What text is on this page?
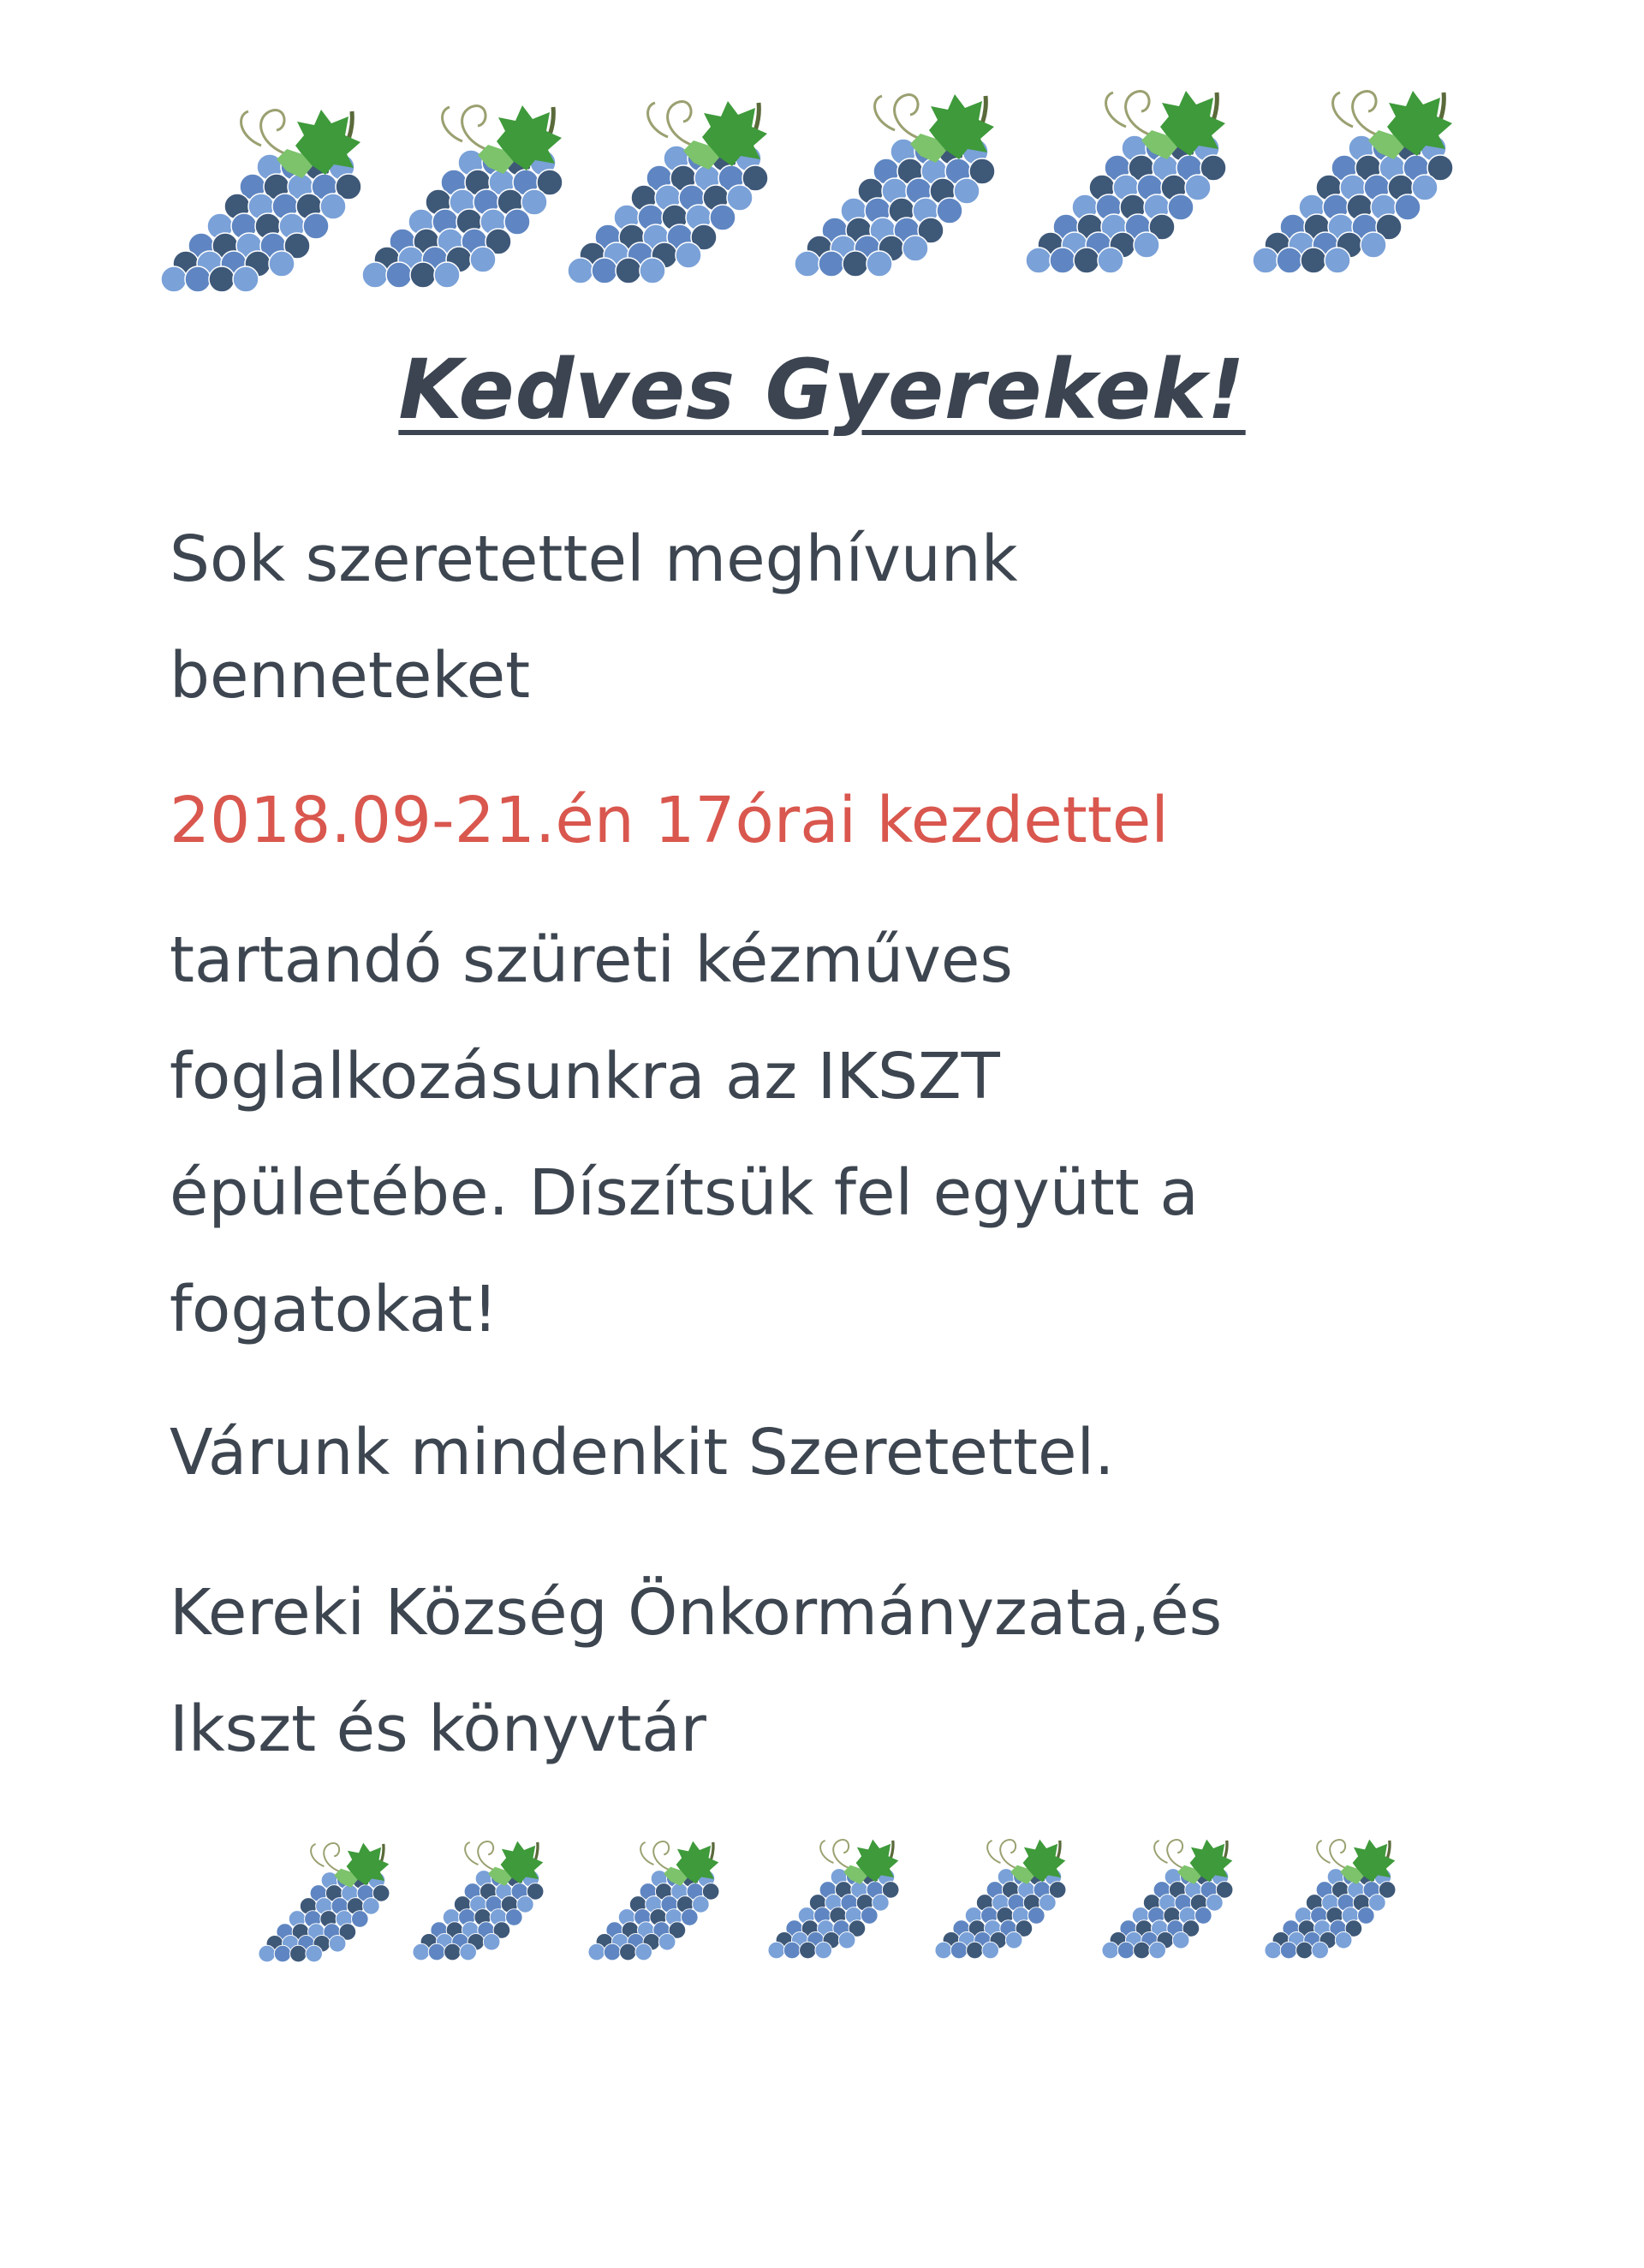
Kedves Gyerekek!
Sok szeretettel meghívunk
benneteket
2018.09-21.én 17órai kezdettel
tartandó szüreti kézműves
foglalkozásunkra az IKSZT
épületébe. Díszítsük fel együtt a
fogatokat!
Várunk mindenkit Szeretettel.
Kereki Község Önkormányzata,és
Ikszt és könyvtár
